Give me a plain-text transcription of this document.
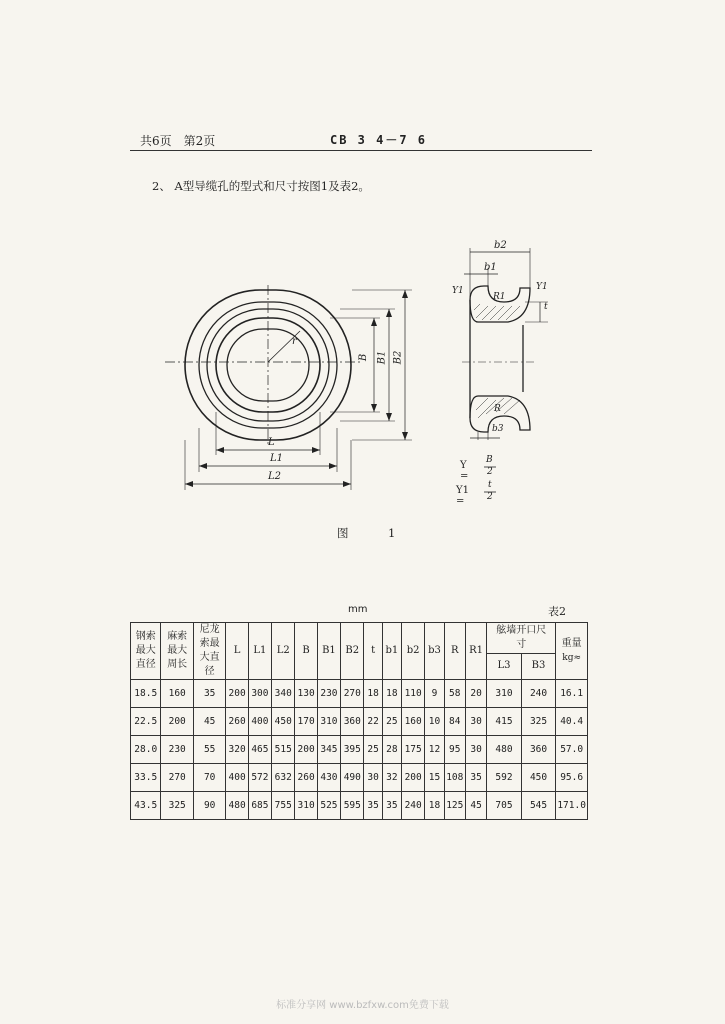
共6页　第2页	CB 3 4－7 6
2、 A型导缆孔的型式和尺寸按图1及表2。
r
B B1 B2
L
L1
L2
b2
b1
Y1	Y1
R1
t
R
b3
Y =
B
2
Y1 =
t
2
图　1
mm	表2
钢索最大直径	麻索最大周长	尼龙索最大直径	L	L1	L2	B	B1	B2	t	b1	b2	b3	R	R1	舷墙开口尺　寸		重量
kg≈

															L3	B3	
18.5	160	35	200	300	340	130	230	270	18	18	110	9	58	20	310	240	16.1
22.5	200	45	260	400	450	170	310	360	22	25	160	10	84	30	415	325	40.4
28.0	230	55	320	465	515	200	345	395	25	28	175	12	95	30	480	360	57.0
33.5	270	70	400	572	632	260	430	490	30	32	200	15	108	35	592	450	95.6
43.5	325	90	480	685	755	310	525	595	35	35	240	18	125	45	705	545	171.0
标准分享网 www.bzfxw.com免费下载
